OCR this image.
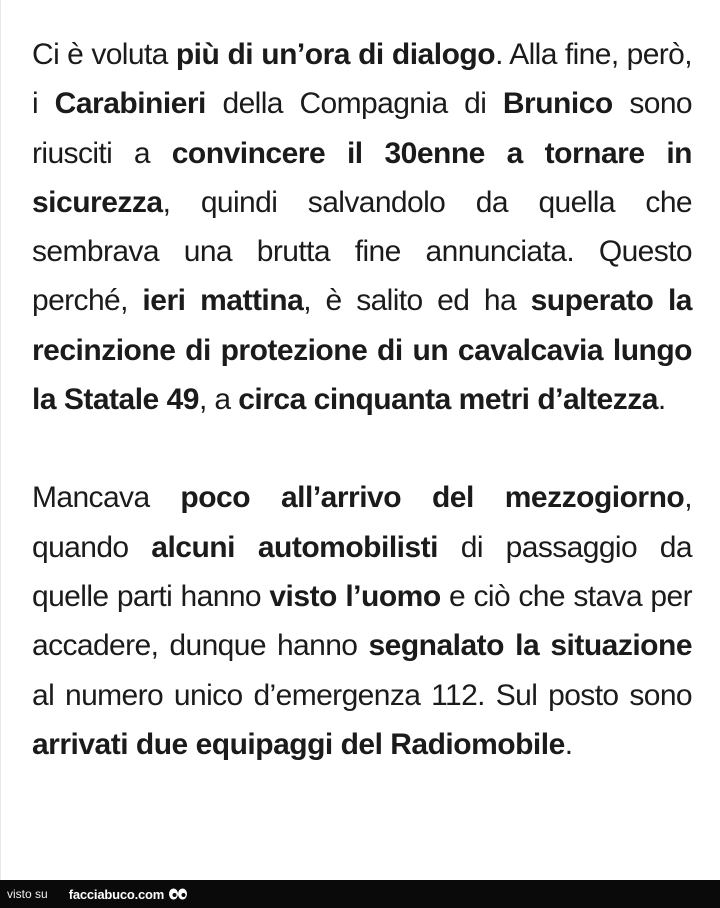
Ci è voluta più di un’ora di dialogo. Alla fine, però, i Carabinieri della Compagnia di Brunico sono riusciti a convincere il 30enne a tornare in sicurezza, quindi salvandolo da quella che sembrava una brutta fine annunciata. Questo perché, ieri mattina, è salito ed ha superato la recinzione di protezione di un cavalcavia lungo la Statale 49, a circa cinquanta metri d’altezza.

Mancava poco all’arrivo del mezzogiorno, quando alcuni automobilisti di passaggio da quelle parti hanno visto l’uomo e ciò che stava per accadere, dunque hanno segnalato la situazione al numero unico d’emergenza 112. Sul posto sono arrivati due equipaggi del Radiomobile.

visto su facciabuco.com
